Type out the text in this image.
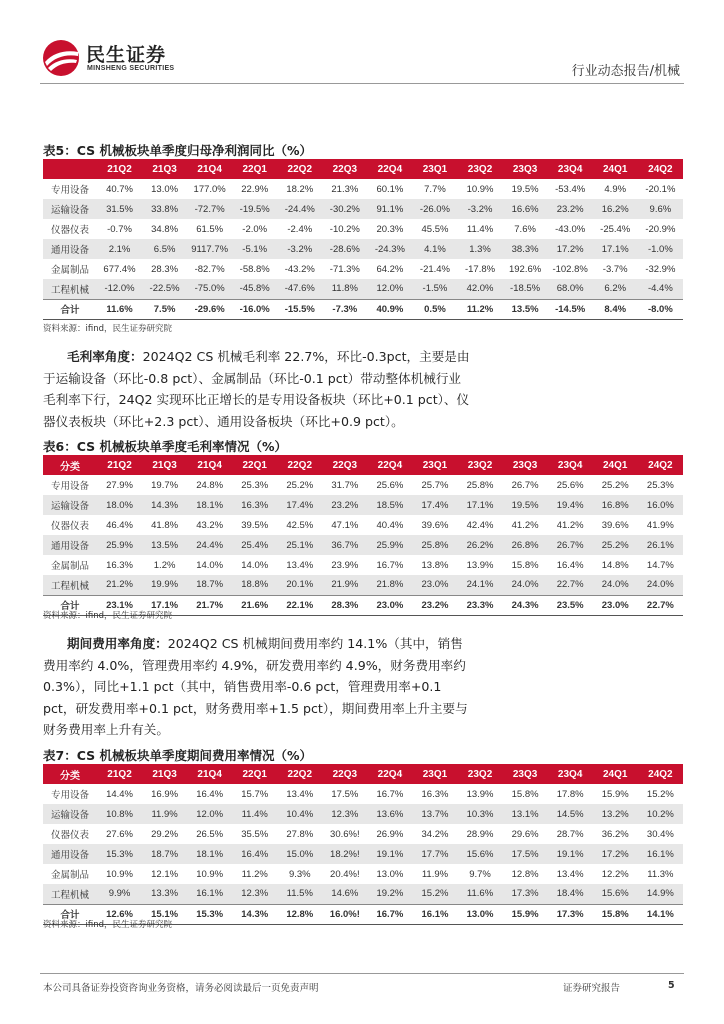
民生证券
MINSHENG SECURITIES	行业动态报告/机械
表5：CS 机械板块单季度归母净利润同比（%）
	21Q2	21Q3	21Q4	22Q1	22Q2	22Q3	22Q4	23Q1	23Q2	23Q3	23Q4	24Q1	24Q2
专用设备	40.7%	13.0%	177.0%	22.9%	18.2%	21.3%	60.1%	7.7%	10.9%	19.5%	-53.4%	4.9%	-20.1%
运输设备	31.5%	33.8%	-72.7%	-19.5%	-24.4%	-30.2%	91.1%	-26.0%	-3.2%	16.6%	23.2%	16.2%	9.6%
仪器仪表	-0.7%	34.8%	61.5%	-2.0%	-2.4%	-10.2%	20.3%	45.5%	11.4%	7.6%	-43.0%	-25.4%	-20.9%
通用设备	2.1%	6.5%	9117.7%	-5.1%	-3.2%	-28.6%	-24.3%	4.1%	1.3%	38.3%	17.2%	17.1%	-1.0%
金属制品	677.4%	28.3%	-82.7%	-58.8%	-43.2%	-71.3%	64.2%	-21.4%	-17.8%	192.6%	-102.8%	-3.7%	-32.9%
工程机械	-12.0%	-22.5%	-75.0%	-45.8%	-47.6%	11.8%	12.0%	-1.5%	42.0%	-18.5%	68.0%	6.2%	-4.4%
合计	11.6%	7.5%	-29.6%	-16.0%	-15.5%	-7.3%	40.9%	0.5%	11.2%	13.5%	-14.5%	8.4%	-8.0%
资料来源：ifind，民生证券研究院
毛利率角度：2024Q2 CS 机械毛利率 22.7%，环比-0.3pct，主要是由于运输设备（环比-0.8 pct）、金属制品（环比-0.1 pct）带动整体机械行业毛利率下行，24Q2 实现环比正增长的是专用设备板块（环比+0.1 pct）、仪器仪表板块（环比+2.3 pct）、通用设备板块（环比+0.9 pct）。
表6：CS 机械板块单季度毛利率情况（%）
分类	21Q2	21Q3	21Q4	22Q1	22Q2	22Q3	22Q4	23Q1	23Q2	23Q3	23Q4	24Q1	24Q2
专用设备	27.9%	19.7%	24.8%	25.3%	25.2%	31.7%	25.6%	25.7%	25.8%	26.7%	25.6%	25.2%	25.3%
运输设备	18.0%	14.3%	18.1%	16.3%	17.4%	23.2%	18.5%	17.4%	17.1%	19.5%	19.4%	16.8%	16.0%
仪器仪表	46.4%	41.8%	43.2%	39.5%	42.5%	47.1%	40.4%	39.6%	42.4%	41.2%	41.2%	39.6%	41.9%
通用设备	25.9%	13.5%	24.4%	25.4%	25.1%	36.7%	25.9%	25.8%	26.2%	26.8%	26.7%	25.2%	26.1%
金属制品	16.3%	1.2%	14.0%	14.0%	13.4%	23.9%	16.7%	13.8%	13.9%	15.8%	16.4%	14.8%	14.7%
工程机械	21.2%	19.9%	18.7%	18.8%	20.1%	21.9%	21.8%	23.0%	24.1%	24.0%	22.7%	24.0%	24.0%
合计	23.1%	17.1%	21.7%	21.6%	22.1%	28.3%	23.0%	23.2%	23.3%	24.3%	23.5%	23.0%	22.7%
资料来源：ifind，民生证券研究院
期间费用率角度：2024Q2 CS 机械期间费用率约 14.1%（其中，销售费用率约 4.0%，管理费用率约 4.9%，研发费用率约 4.9%，财务费用率约 0.3%），同比+1.1 pct（其中，销售费用率-0.6 pct，管理费用率+0.1 pct，研发费用率+0.1 pct，财务费用率+1.5 pct），期间费用率上升主要与财务费用率上升有关。
表7：CS 机械板块单季度期间费用率情况（%）
分类	21Q2	21Q3	21Q4	22Q1	22Q2	22Q3	22Q4	23Q1	23Q2	23Q3	23Q4	24Q1	24Q2
专用设备	14.4%	16.9%	16.4%	15.7%	13.4%	17.5%	16.7%	16.3%	13.9%	15.8%	17.8%	15.9%	15.2%
运输设备	10.8%	11.9%	12.0%	11.4%	10.4%	12.3%	13.6%	13.7%	10.3%	13.1%	14.5%	13.2%	10.2%
仪器仪表	27.6%	29.2%	26.5%	35.5%	27.8%	30.6%!	26.9%	34.2%	28.9%	29.6%	28.7%	36.2%	30.4%
通用设备	15.3%	18.7%	18.1%	16.4%	15.0%	18.2%!	19.1%	17.7%	15.6%	17.5%	19.1%	17.2%	16.1%
金属制品	10.9%	12.1%	10.9%	11.2%	9.3%	20.4%!	13.0%	11.9%	9.7%	12.8%	13.4%	12.2%	11.3%
工程机械	9.9%	13.3%	16.1%	12.3%	11.5%	14.6%	19.2%	15.2%	11.6%	17.3%	18.4%	15.6%	14.9%
合计	12.6%	15.1%	15.3%	14.3%	12.8%	16.0%!	16.7%	16.1%	13.0%	15.9%	17.3%	15.8%	14.1%
资料来源：ifind，民生证券研究院
本公司具备证券投资咨询业务资格，请务必阅读最后一页免责声明	证券研究报告	5
